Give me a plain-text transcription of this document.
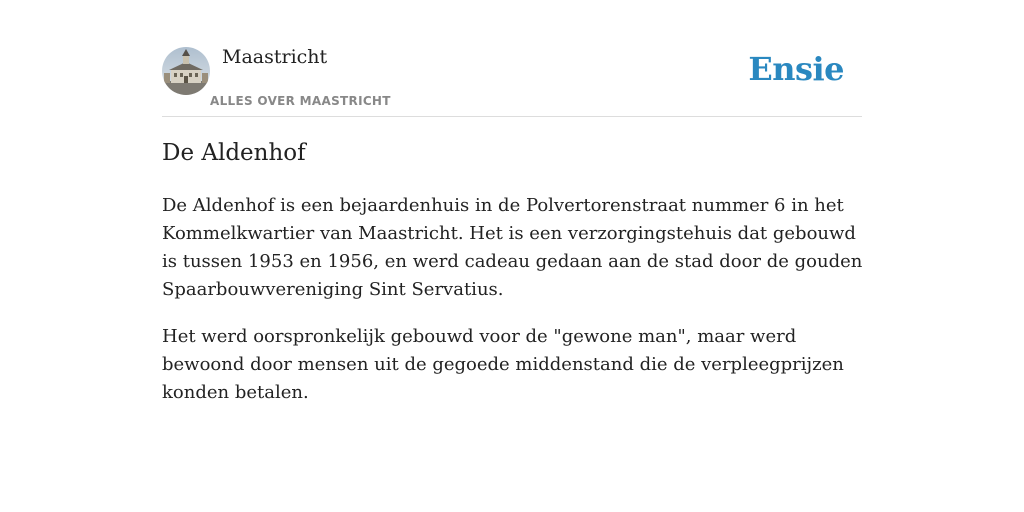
Maastricht
ALLES OVER MAASTRICHT
Ensie
De Aldenhof

De Aldenhof is een bejaardenhuis in de Polvertorenstraat nummer 6 in het Kommelkwartier van Maastricht. Het is een verzorgingstehuis dat gebouwd is tussen 1953 en 1956, en werd cadeau gedaan aan de stad door de gouden Spaarbouwvereniging Sint Servatius.

Het werd oorspronkelijk gebouwd voor de "gewone man", maar werd bewoond door mensen uit de gegoede middenstand die de verpleegprijzen konden betalen.
